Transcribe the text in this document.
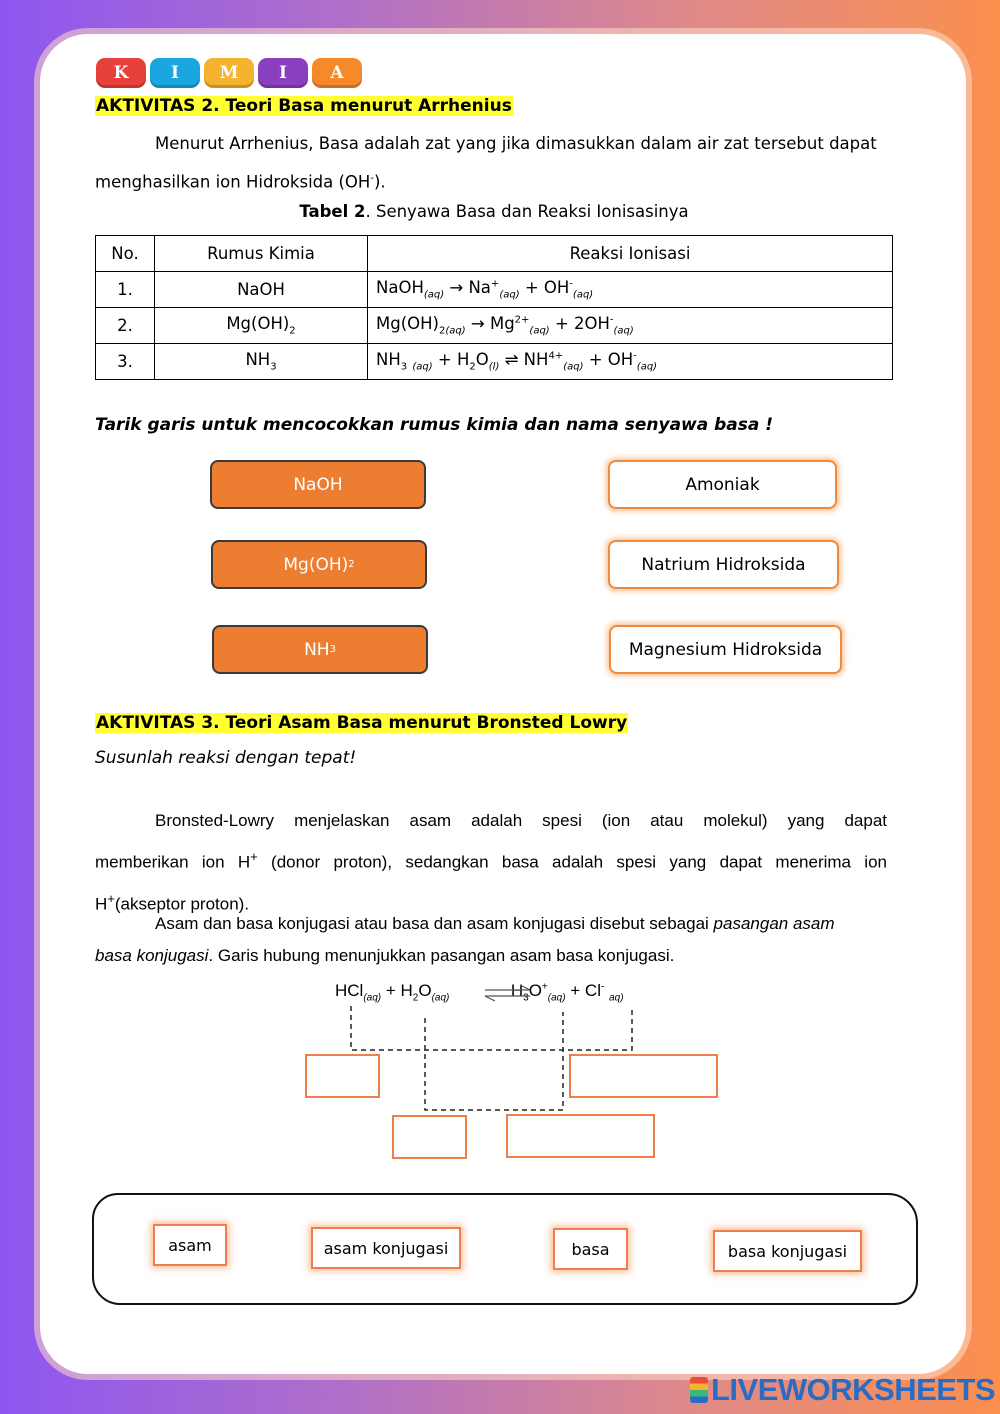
K	I	M	I	A
AKTIVITAS 2. Teori Basa menurut Arrhenius
Menurut Arrhenius, Basa adalah zat yang jika dimasukkan dalam air zat tersebut dapat
menghasilkan ion Hidroksida (OH-).
Tabel 2. Senyawa Basa dan Reaksi Ionisasinya
No.	Rumus Kimia	Reaksi Ionisasi
1.	NaOH	NaOH$_{(aq)}$ → $Na^+_{(aq)} + OH^-_{(aq)}$
2.	$Mg(OH)_2$	$Mg(OH)_{2(aq)} \to Mg^{2+}_{(aq)} + 2OH^-_{(aq)}$
3.	$NH_3$	$NH_3$ $_{(aq)} + H_2O_{(l)}$ ⇌ $NH^{4+}_{(aq)} + OH^-_{(aq)}$
Tarik garis untuk mencocokkan rumus kimia dan nama senyawa basa !
NaOH
Mg(OH) 2
NH 3
Amoniak
Natrium Hidroksida
Magnesium Hidroksida
AKTIVITAS 3. Teori Asam Basa menurut Bronsted Lowry
Susunlah reaksi dengan tepat!
Bronsted-Lowry menjelaskan asam adalah spesi (ion atau molekul) yang dapat
memberikan ion H+ (donor proton), sedangkan basa adalah spesi yang dapat menerima ion
H+(akseptor proton).
Asam dan basa konjugasi atau basa dan asam konjugasi disebut sebagai pasangan asam
basa konjugasi. Garis hubung menunjukkan pasangan asam basa konjugasi.
$HCl_{(aq)} + H_2O_{(aq)}$	$H_3O^+_{(aq)} + Cl^-$ $_{aq)}$
asam	asam konjugasi	basa	basa konjugasi
LIVEWORKSHEETS
